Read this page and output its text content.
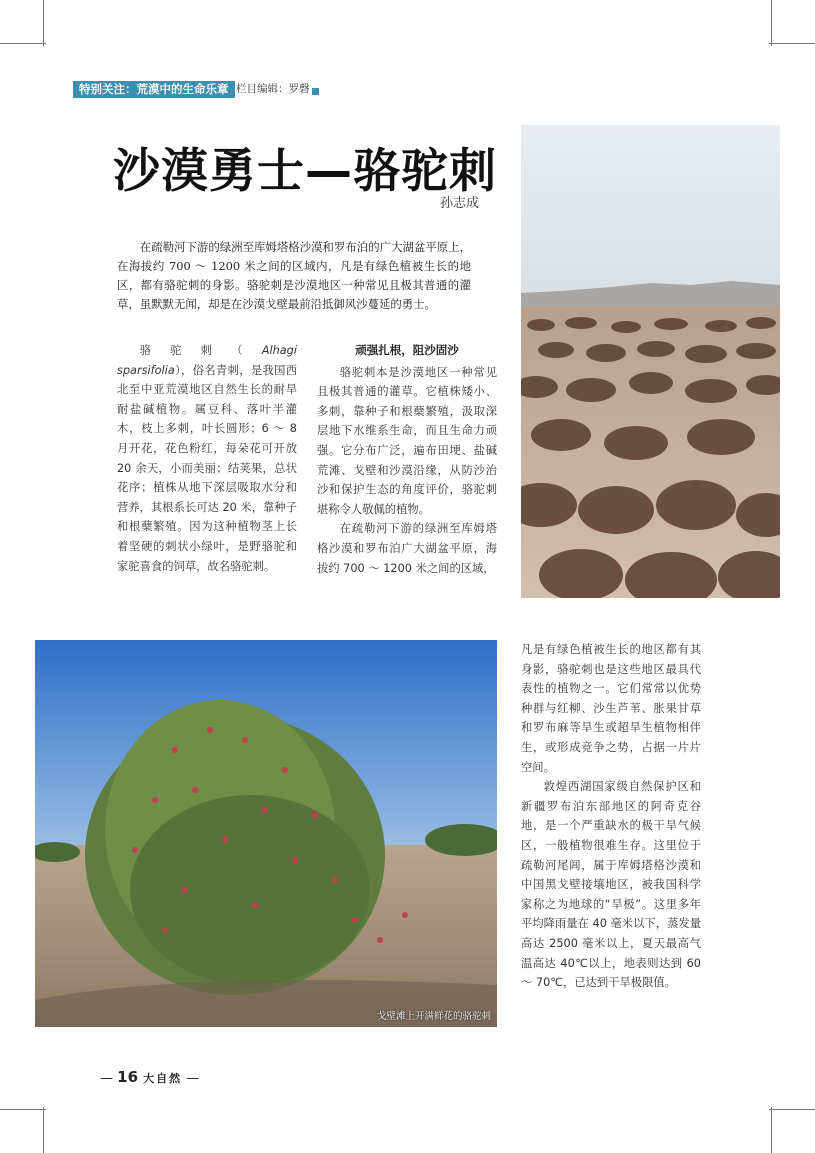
特别关注：荒漠中的生命乐章 栏目编辑：罗磬
沙漠勇士—骆驼刺
孙志成

在疏勒河下游的绿洲至库姆塔格沙漠和罗布泊的广大湖盆平原上，在海拔约 700 ～ 1200 米之间的区域内，凡是有绿色植被生长的地区，都有骆驼刺的身影。骆驼刺是沙漠地区一种常见且极其普通的灌草，虽默默无闻，却是在沙漠戈壁最前沿抵御风沙蔓延的勇士。

骆驼刺（Alhagi sparsifolia），俗名青刺，是我国西北至中亚荒漠地区自然生长的耐旱耐盐碱植物。属豆科、落叶半灌木，枝上多刺，叶长圆形；6 ～ 8 月开花，花色粉红，每朵花可开放 20 余天，小而美丽；结荚果，总状花序；植株从地下深层吸取水分和营养，其根系长可达 20 米，靠种子和根蘖繁殖。因为这种植物茎上长着坚硬的刺状小绿叶，是野骆驼和家驼喜食的饲草，故名骆驼刺。

顽强扎根，阻沙固沙

骆驼刺本是沙漠地区一种常见且极其普通的灌草。它植株矮小、多刺，靠种子和根蘖繁殖，汲取深层地下水维系生命，而且生命力顽强。它分布广泛，遍布田埂、盐碱荒滩、戈壁和沙漠沿缘，从防沙治沙和保护生态的角度评价，骆驼刺堪称令人敬佩的植物。

在疏勒河下游的绿洲至库姆塔格沙漠和罗布泊广大湖盆平原，海拔约 700 ～ 1200 米之间的区域，

戈壁滩上开满鲜花的骆驼刺

凡是有绿色植被生长的地区都有其身影，骆驼刺也是这些地区最具代表性的植物之一。它们常常以优势种群与红柳、沙生芦苇、胀果甘草和罗布麻等旱生或超旱生植物相伴生，或形成竞争之势，占据一片片空间。

敦煌西湖国家级自然保护区和新疆罗布泊东部地区的阿奇克谷地，是一个严重缺水的极干旱气候区，一般植物很难生存。这里位于疏勒河尾闾，属于库姆塔格沙漠和中国黑戈壁接壤地区，被我国科学家称之为地球的“旱极”。这里多年平均降雨量在 40 毫米以下，蒸发量高达 2500 毫米以上，夏天最高气温高达 40℃以上，地表则达到 60 ～ 70℃，已达到干旱极限值。

— 16 大自然 —
